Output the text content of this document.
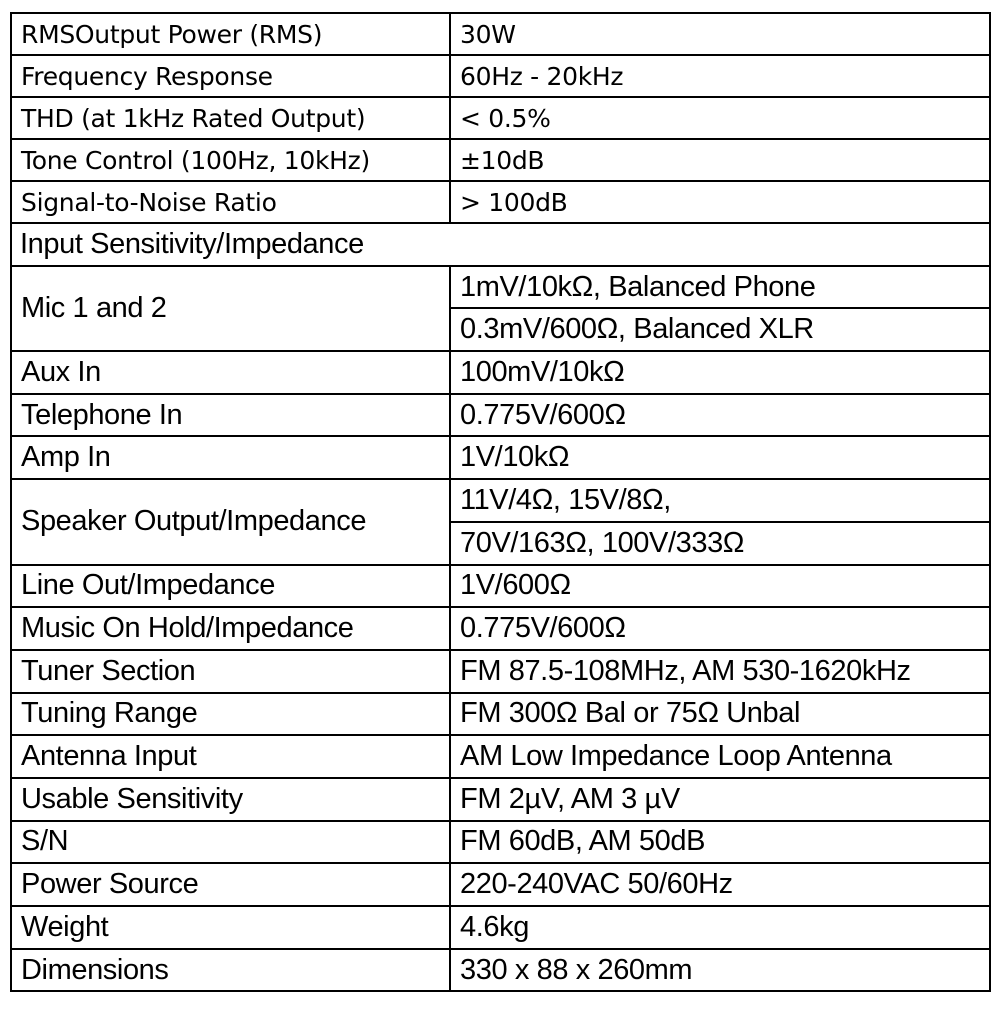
RMSOutput Power (RMS)	30W
Frequency Response	60Hz - 20kHz
THD (at 1kHz Rated Output)	< 0.5%
Tone Control (100Hz, 10kHz)	±10dB
Signal-to-Noise Ratio	> 100dB
Input Sensitivity/Impedance	
Mic 1 and 2	1mV/10kΩ, Balanced Phone
	0.3mV/600Ω, Balanced XLR
Aux In	100mV/10kΩ
Telephone In	0.775V/600Ω
Amp In	1V/10kΩ
Speaker Output/Impedance	11V/4Ω, 15V/8Ω,
	70V/163Ω, 100V/333Ω
Line Out/Impedance	1V/600Ω
Music On Hold/Impedance	0.775V/600Ω
Tuner Section	FM 87.5-108MHz, AM 530-1620kHz
Tuning Range	FM 300Ω Bal or 75Ω Unbal
Antenna Input	AM Low Impedance Loop Antenna
Usable Sensitivity	FM 2µV, AM 3 µV
S/N	FM 60dB, AM 50dB
Power Source	220-240VAC 50/60Hz
Weight	4.6kg
Dimensions	330 x 88 x 260mm
